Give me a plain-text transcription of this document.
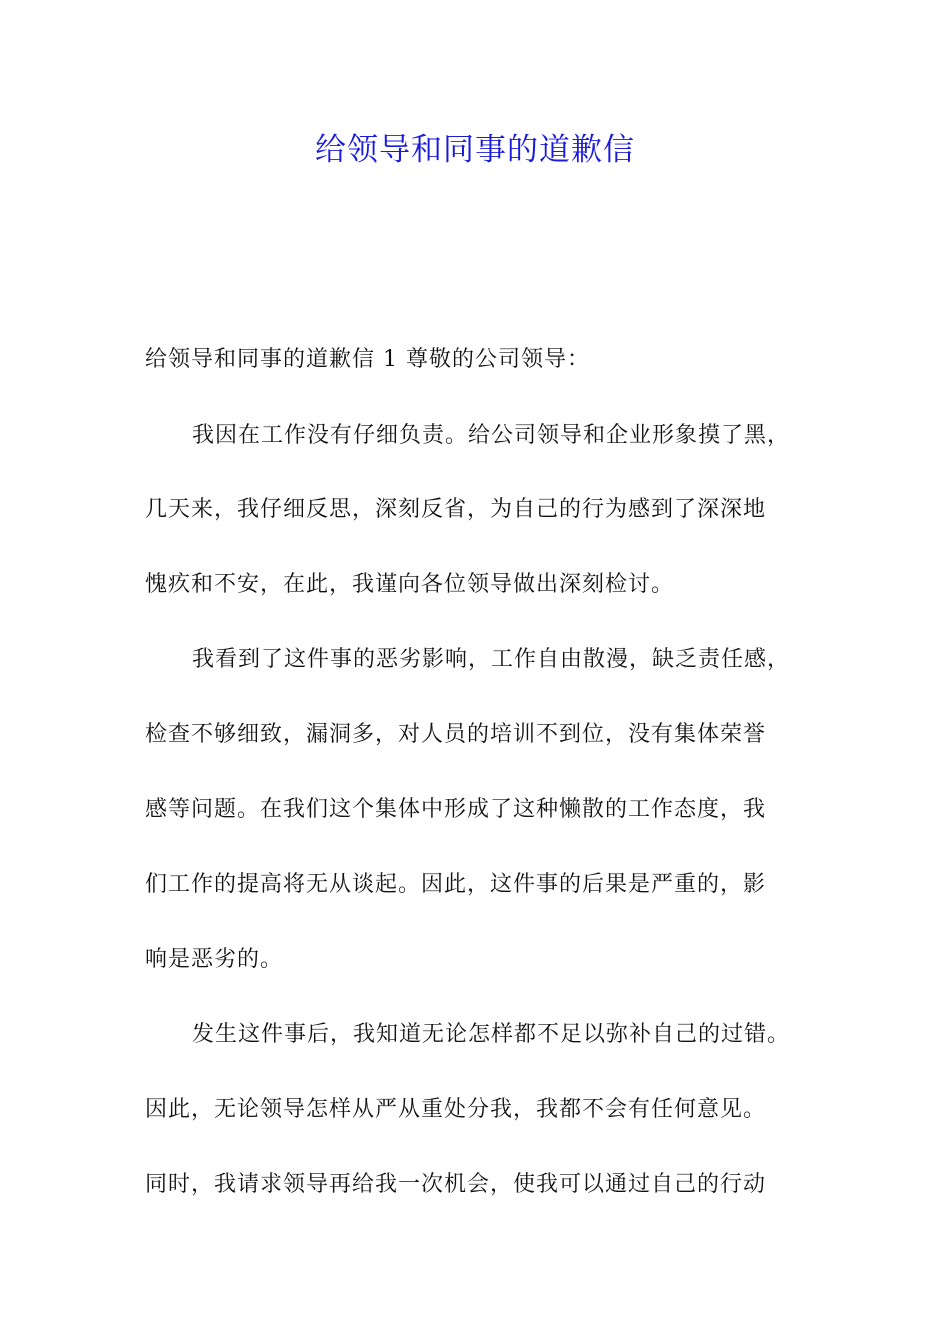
给领导和同事的道歉信
给领导和同事的道歉信 1 尊敬的公司领导：
我因在工作没有仔细负责。给公司领导和企业形象摸了黑，
几天来，我仔细反思，深刻反省，为自己的行为感到了深深地
愧疚和不安，在此，我谨向各位领导做出深刻检讨。
我看到了这件事的恶劣影响，工作自由散漫，缺乏责任感，
检查不够细致，漏洞多，对人员的培训不到位，没有集体荣誉
感等问题。在我们这个集体中形成了这种懒散的工作态度，我
们工作的提高将无从谈起。因此，这件事的后果是严重的，影
响是恶劣的。
发生这件事后，我知道无论怎样都不足以弥补自己的过错。
因此，无论领导怎样从严从重处分我，我都不会有任何意见。
同时，我请求领导再给我一次机会，使我可以通过自己的行动
